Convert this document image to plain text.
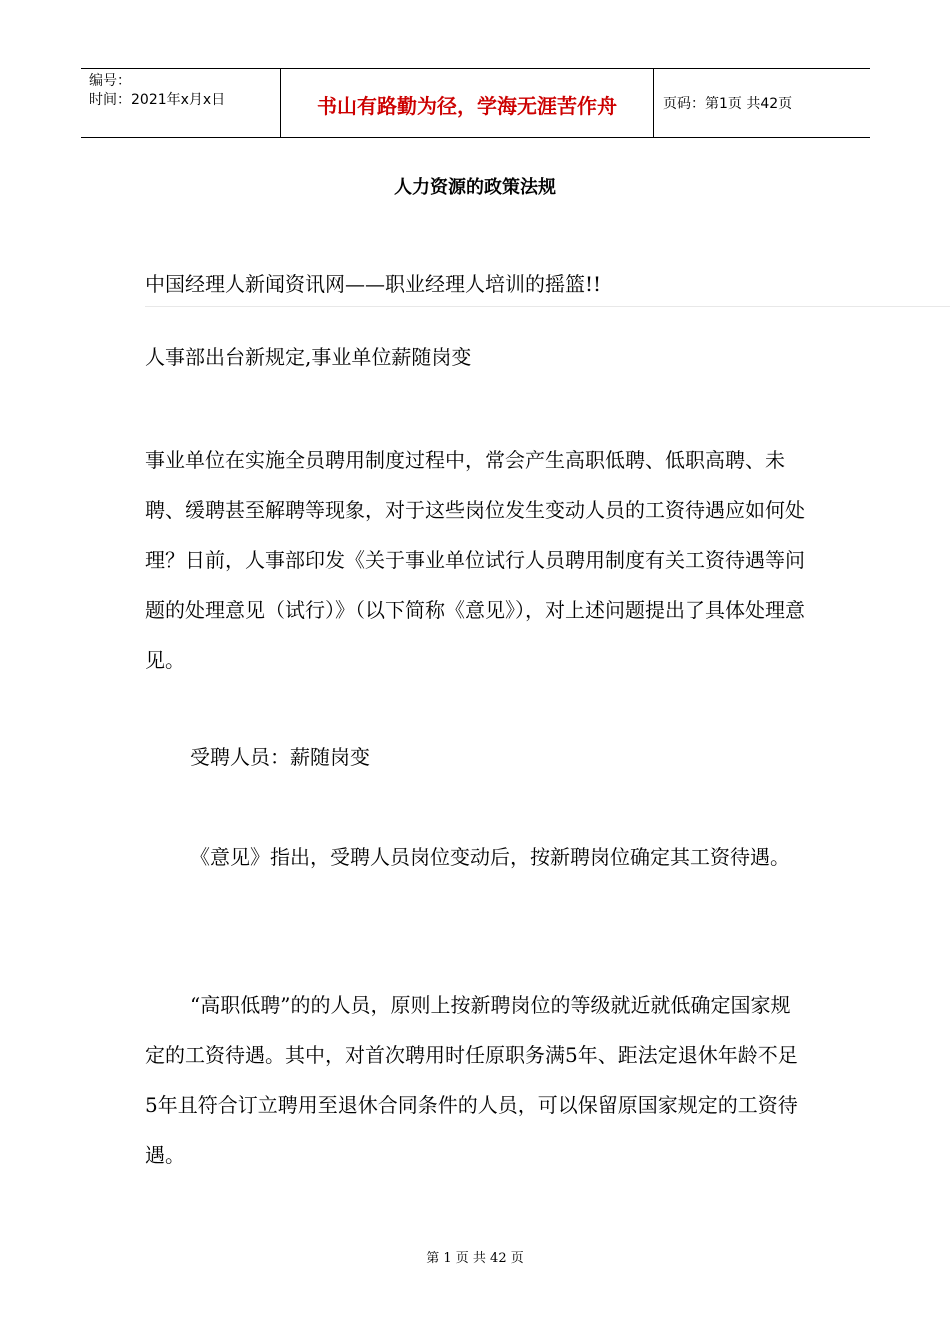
编号：
时间：2021年x月x日	书山有路勤为径，学海无涯苦作舟	页码：第1页 共42页
人力资源的政策法规

中国经理人新闻资讯网——职业经理人培训的摇篮!!

人事部出台新规定,事业单位薪随岗变

事业单位在实施全员聘用制度过程中，常会产生高职低聘、低职高聘、未聘、缓聘甚至解聘等现象，对于这些岗位发生变动人员的工资待遇应如何处理？日前，人事部印发《关于事业单位试行人员聘用制度有关工资待遇等问题的处理意见（试行）》（以下简称《意见》），对上述问题提出了具体处理意见。

受聘人员：薪随岗变

《意见》指出，受聘人员岗位变动后，按新聘岗位确定其工资待遇。

“高职低聘”的的人员，原则上按新聘岗位的等级就近就低确定国家规定的工资待遇。其中，对首次聘用时任原职务满5年、距法定退休年龄不足5年且符合订立聘用至退休合同条件的人员，可以保留原国家规定的工资待遇。

第 1 页 共 42 页
